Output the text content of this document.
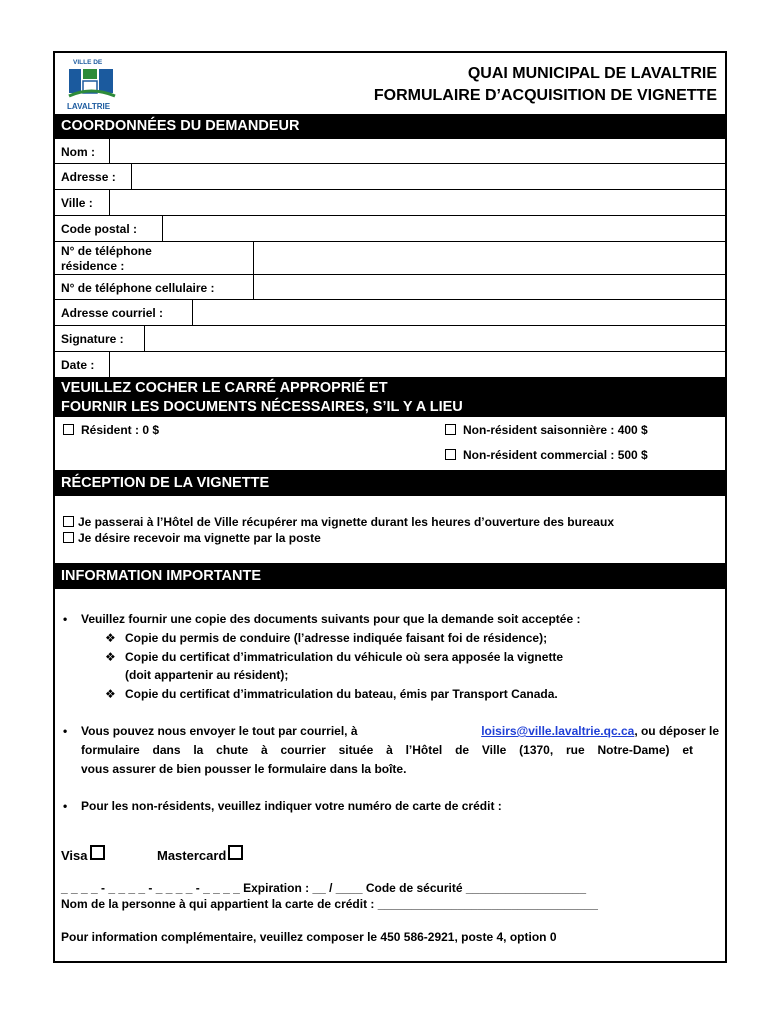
VILLE DE
LAVALTRIE
QUAI MUNICIPAL DE LAVALTRIE
FORMULAIRE D’ACQUISITION DE VIGNETTE
COORDONNÉES DU DEMANDEUR
Nom :
Adresse :
Ville :
Code postal :
N° de téléphone
résidence :
N° de téléphone cellulaire :
Adresse courriel :
Signature :
Date :
VEUILLEZ COCHER LE CARRÉ APPROPRIÉ ET
FOURNIR LES DOCUMENTS NÉCESSAIRES, S’IL Y A LIEU
Résident : 0 $	Non-résident saisonnière : 400 $
Non-résident commercial : 500 $
RÉCEPTION DE LA VIGNETTE
Je passerai à l’Hôtel de Ville récupérer ma vignette durant les heures d’ouverture des bureaux
Je désire recevoir ma vignette par la poste
INFORMATION IMPORTANTE
• Veuillez fournir une copie des documents suivants pour que la demande soit acceptée :
❖ Copie du permis de conduire (l’adresse indiquée faisant foi de résidence);
❖ Copie du certificat d’immatriculation du véhicule où sera apposée la vignette
(doit appartenir au résident);
❖ Copie du certificat d’immatriculation du bateau, émis par Transport Canada.
• Vous pouvez nous envoyer le tout par courriel, à	loisirs@ville.lavaltrie.qc.ca, ou déposer le
formulaire dans la chute à courrier située à l’Hôtel de Ville (1370, rue Notre-Dame) et
vous assurer de bien pousser le formulaire dans la boîte.
• Pour les non-résidents, veuillez indiquer votre numéro de carte de crédit :
Visa	Mastercard
_ _ _ _ - _ _ _ _ - _ _ _ _ - _ _ _ _ Expiration : __ / ____ Code de sécurité __________________
Nom de la personne à qui appartient la carte de crédit : _________________________________
Pour information complémentaire, veuillez composer le 450 586-2921, poste 4, option 0
